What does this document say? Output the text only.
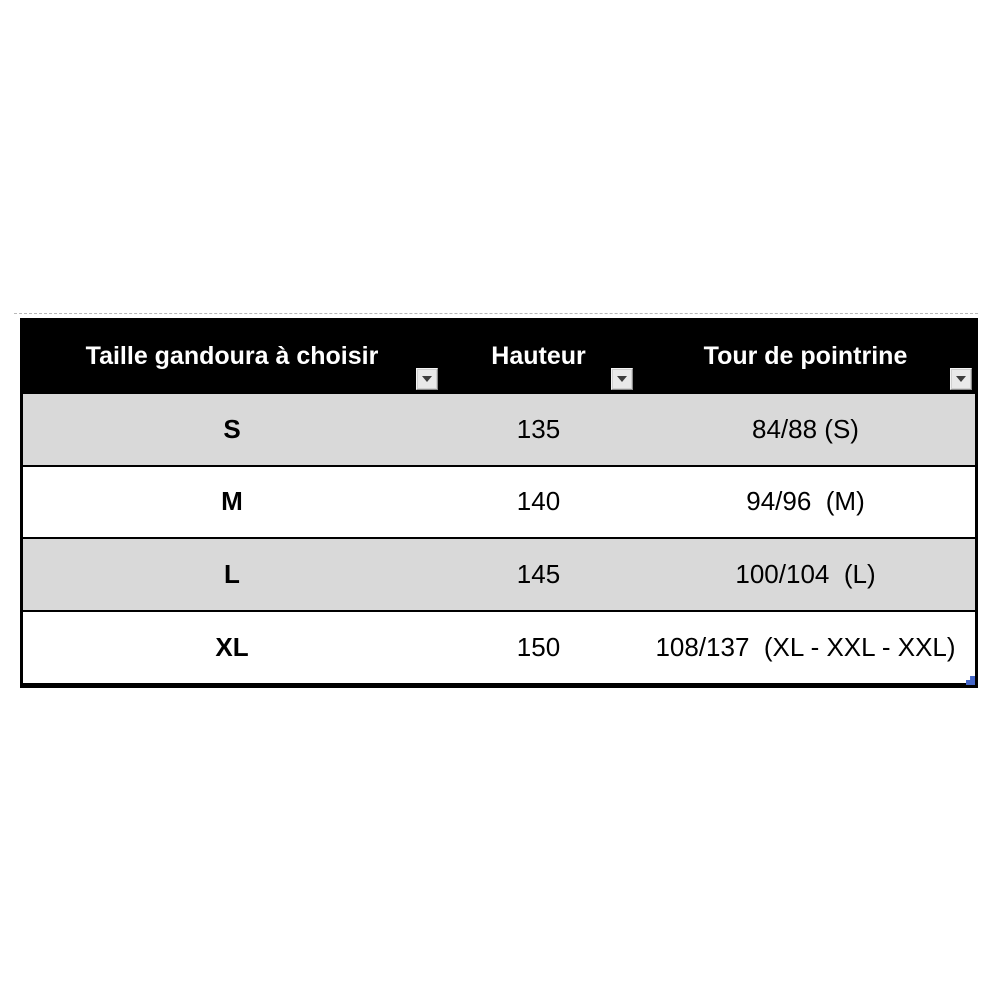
Taille gandoura à choisir	Hauteur	Tour de pointrine
S	135	84/88 (S)
M	140	94/96  (M)
L	145	100/104  (L)
XL	150	108/137  (XL - XXL - XXL)
